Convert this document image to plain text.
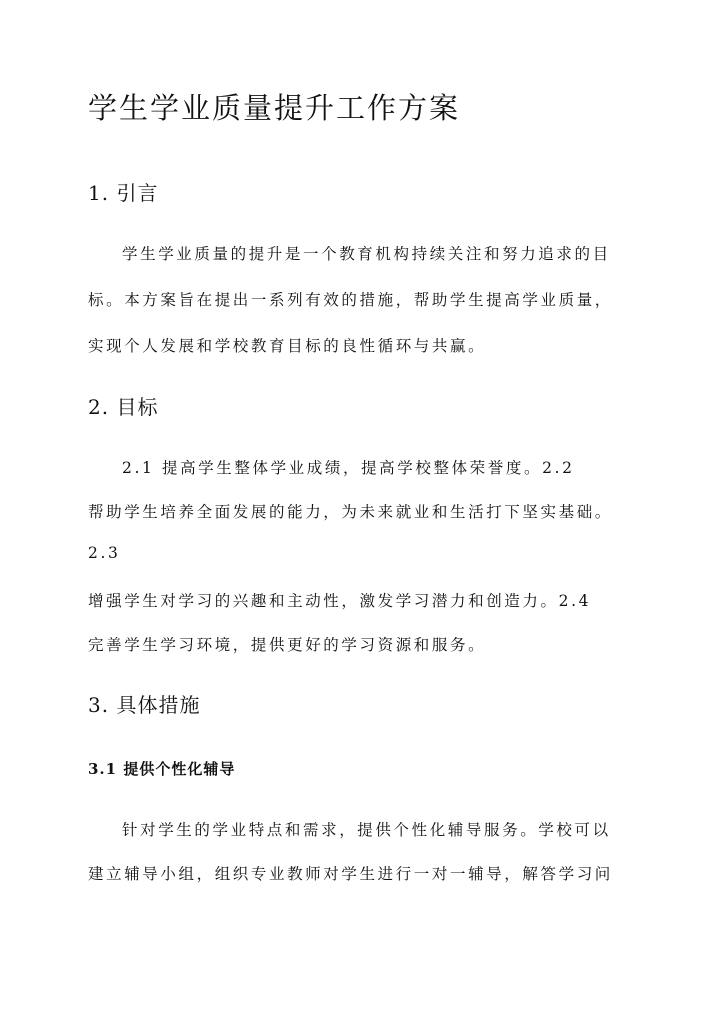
学生学业质量提升工作方案
1. 引言
学生学业质量的提升是一个教育机构持续关注和努力追求的目
标。本方案旨在提出一系列有效的措施，帮助学生提高学业质量，
实现个人发展和学校教育目标的良性循环与共赢。
2. 目标
2.1 提高学生整体学业成绩，提高学校整体荣誉度。2.2
帮助学生培养全面发展的能力，为未来就业和生活打下坚实基础。
2.3
增强学生对学习的兴趣和主动性，激发学习潜力和创造力。2.4
完善学生学习环境，提供更好的学习资源和服务。
3. 具体措施
3.1 提供个性化辅导
针对学生的学业特点和需求，提供个性化辅导服务。学校可以
建立辅导小组，组织专业教师对学生进行一对一辅导，解答学习问
